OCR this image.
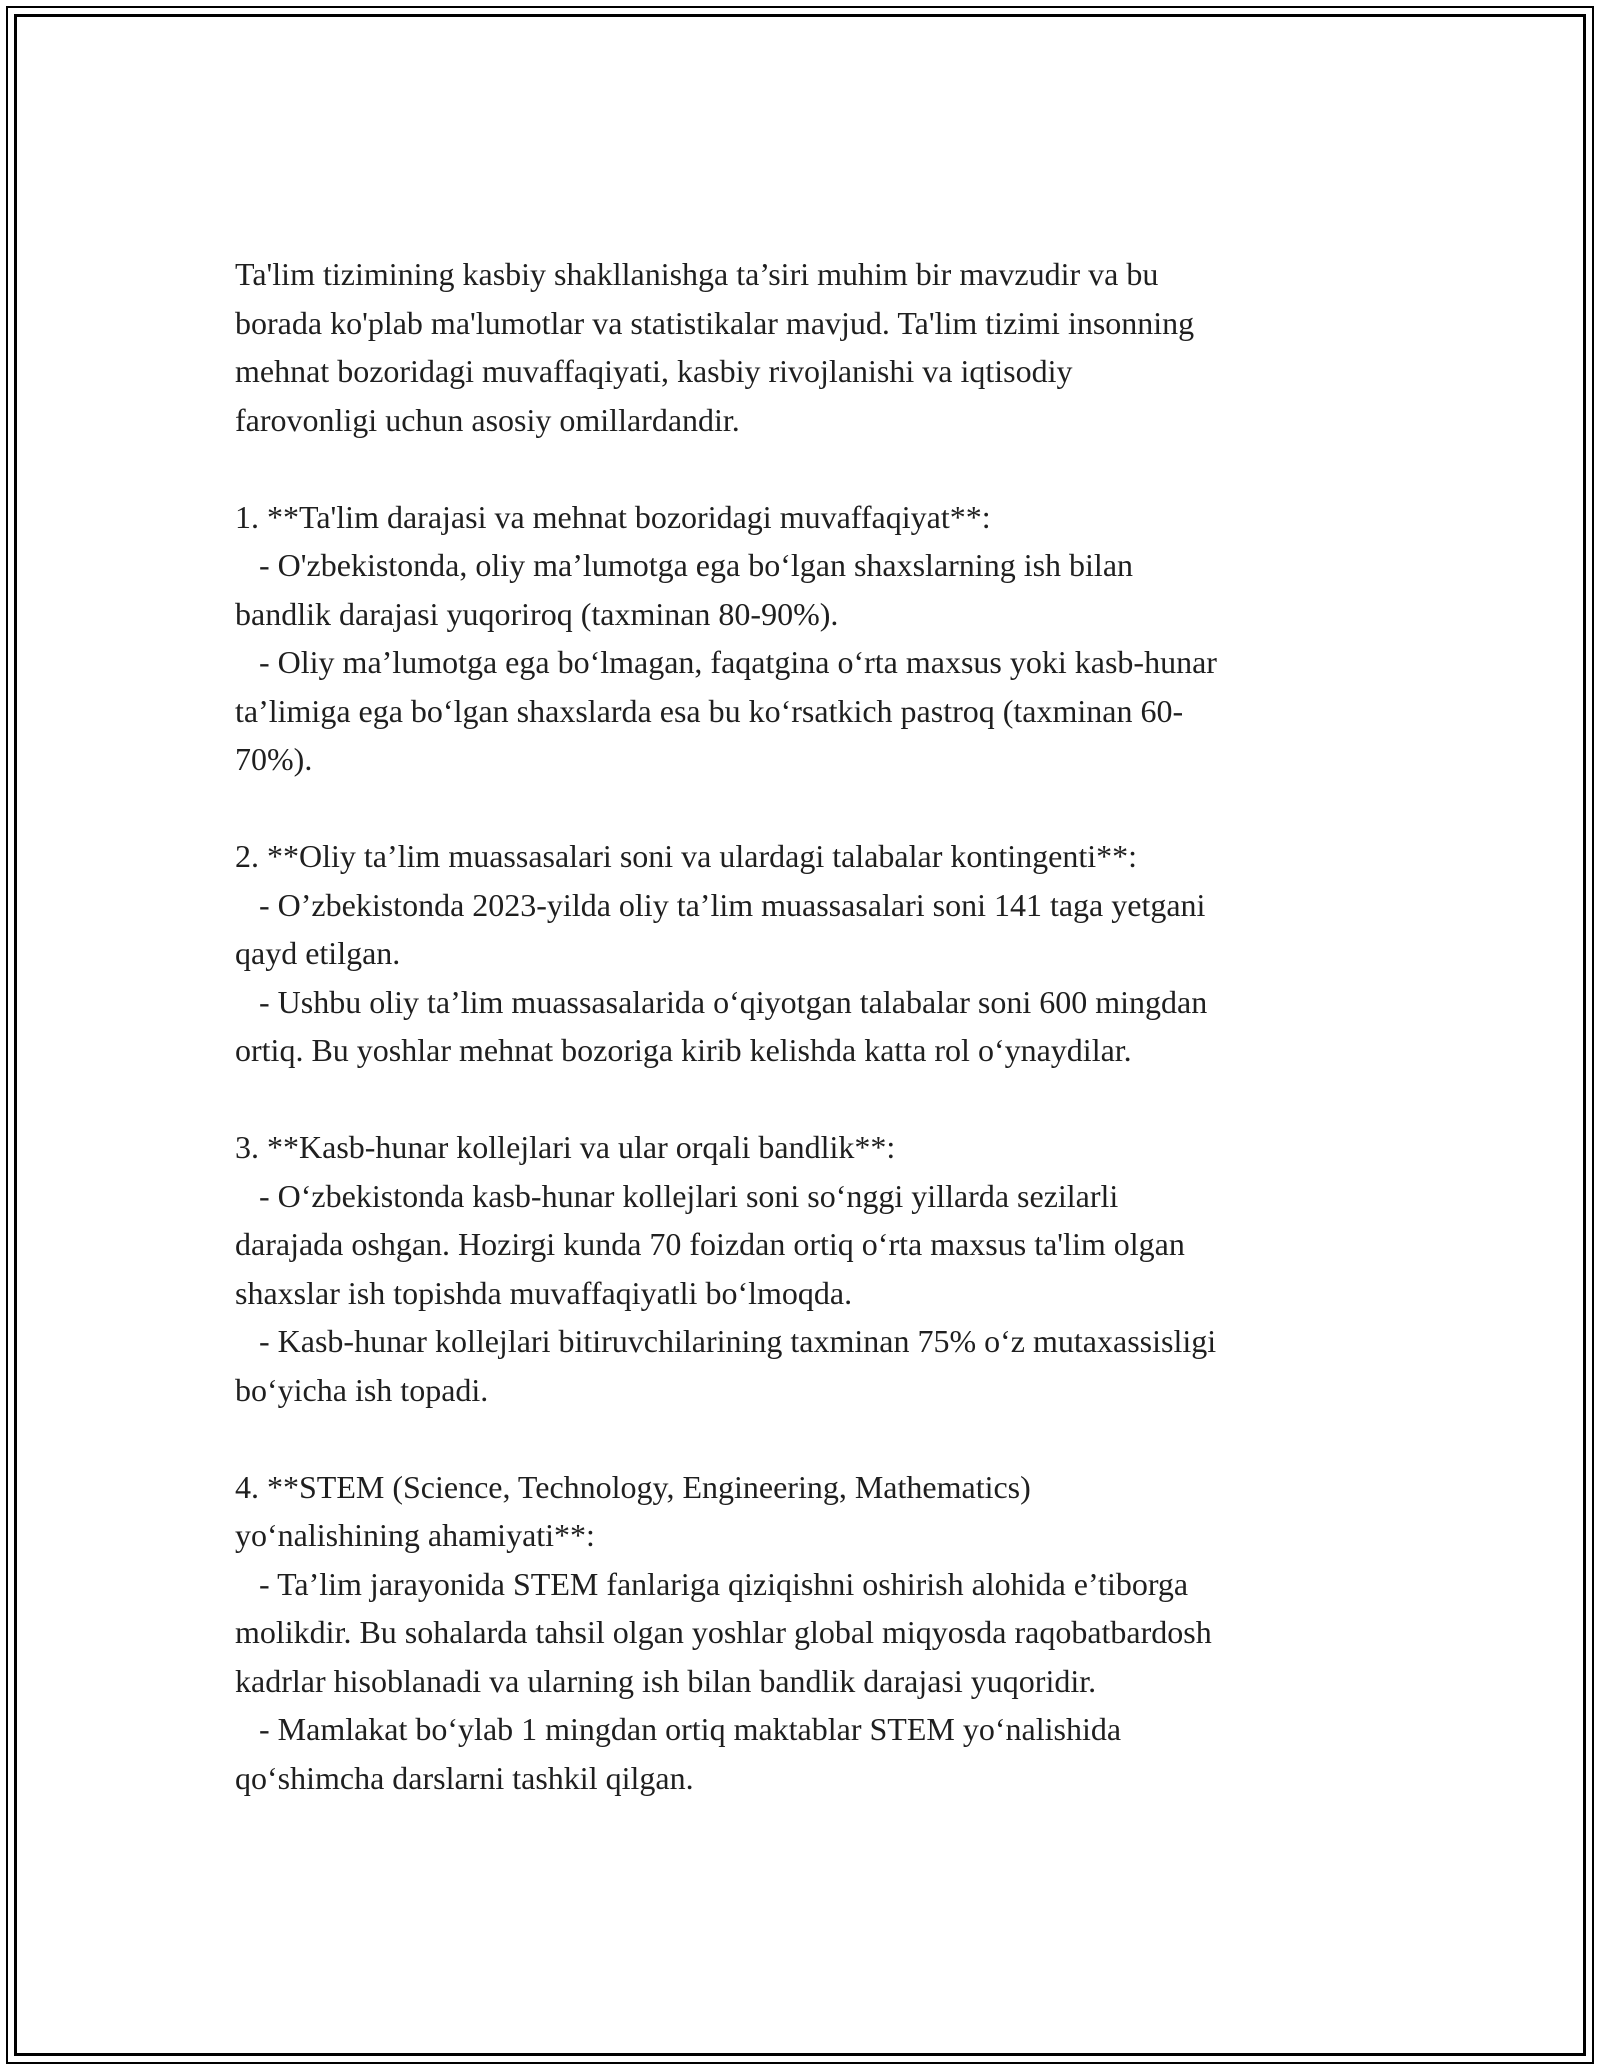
Ta'lim tizimining kasbiy shakllanishga ta’siri muhim bir mavzudir va bu
borada ko'plab ma'lumotlar va statistikalar mavjud. Ta'lim tizimi insonning
mehnat bozoridagi muvaffaqiyati, kasbiy rivojlanishi va iqtisodiy
farovonligi uchun asosiy omillardandir.
1. **Ta'lim darajasi va mehnat bozoridagi muvaffaqiyat**:
- O'zbekistonda, oliy ma’lumotga ega bo‘lgan shaxslarning ish bilan
bandlik darajasi yuqoriroq (taxminan 80-90%).
- Oliy ma’lumotga ega bo‘lmagan, faqatgina o‘rta maxsus yoki kasb-hunar
ta’limiga ega bo‘lgan shaxslarda esa bu ko‘rsatkich pastroq (taxminan 60-
70%).
2. **Oliy ta’lim muassasalari soni va ulardagi talabalar kontingenti**:
- O’zbekistonda 2023-yilda oliy ta’lim muassasalari soni 141 taga yetgani
qayd etilgan.
- Ushbu oliy ta’lim muassasalarida o‘qiyotgan talabalar soni 600 mingdan
ortiq. Bu yoshlar mehnat bozoriga kirib kelishda katta rol o‘ynaydilar.
3. **Kasb-hunar kollejlari va ular orqali bandlik**:
- O‘zbekistonda kasb-hunar kollejlari soni so‘nggi yillarda sezilarli
darajada oshgan. Hozirgi kunda 70 foizdan ortiq o‘rta maxsus ta'lim olgan
shaxslar ish topishda muvaffaqiyatli bo‘lmoqda.
- Kasb-hunar kollejlari bitiruvchilarining taxminan 75% o‘z mutaxassisligi
bo‘yicha ish topadi.
4. **STEM (Science, Technology, Engineering, Mathematics)
yo‘nalishining ahamiyati**:
- Ta’lim jarayonida STEM fanlariga qiziqishni oshirish alohida e’tiborga
molikdir. Bu sohalarda tahsil olgan yoshlar global miqyosda raqobatbardosh
kadrlar hisoblanadi va ularning ish bilan bandlik darajasi yuqoridir.
- Mamlakat bo‘ylab 1 mingdan ortiq maktablar STEM yo‘nalishida
qo‘shimcha darslarni tashkil qilgan.
